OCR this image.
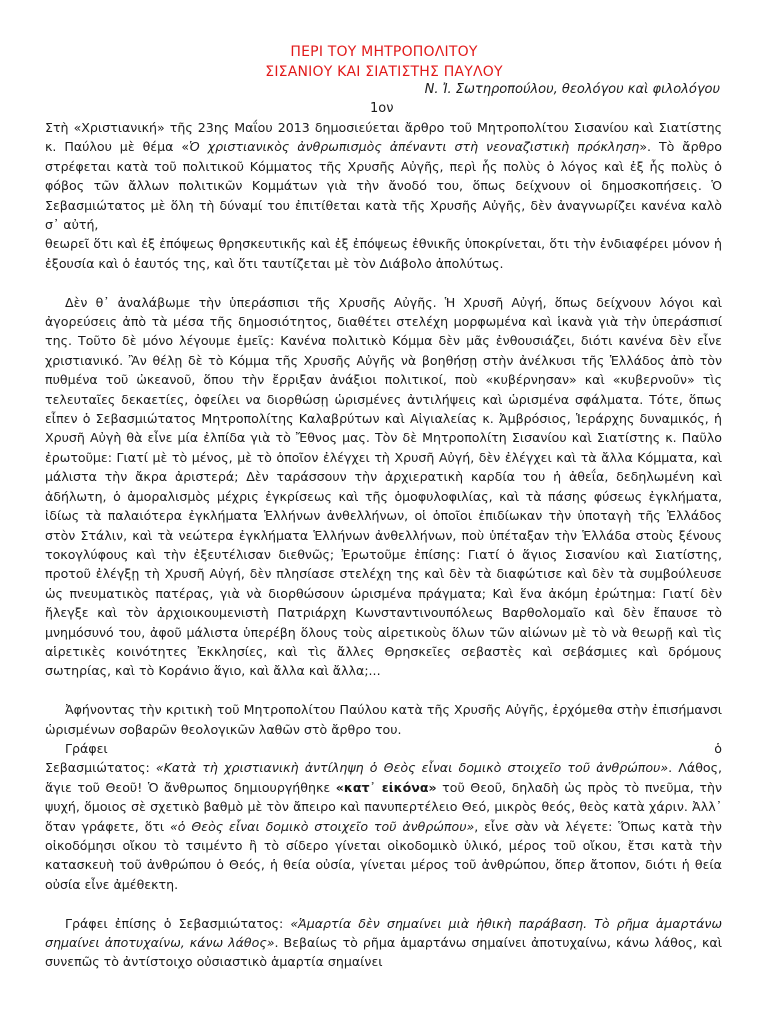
ΠΕΡΙ ΤΟΥ ΜΗΤΡΟΠΟΛΙΤΟΥ
ΣΙΣΑΝΙΟΥ ΚΑΙ ΣΙΑΤΙΣΤΗΣ ΠΑΥΛΟΥ
Ν. Ἰ. Σωτηροπούλου, θεολόγου καὶ φιλολόγου
1ον

Στὴ «Χριστιανική» τῆς 23ης Μαΐου 2013 δημοσιεύεται ἄρθρο τοῦ Μητροπολίτου Σισανίου καὶ Σιατίστης κ. Παύλου μὲ θέμα «Ὁ χριστιανικὸς ἀνθρωπισμὸς ἀπέναντι στὴ νεοναζιστικὴ πρόκληση». Τὸ ἄρθρο στρέφεται κατὰ τοῦ πολιτικοῦ Κόμματος τῆς Χρυσῆς Αὐγῆς, περὶ ἧς πολὺς ὁ λόγος καὶ ἐξ ἧς πολὺς ὁ φόβος τῶν ἄλλων πολιτικῶν Κομμάτων γιὰ τὴν ἄνοδό του, ὅπως δείχνουν οἱ δημοσκοπήσεις. Ὁ Σεβασμιώτατος μὲ ὅλη τὴ δύναμί του ἐπιτίθεται κατὰ τῆς Χρυσῆς Αὐγῆς, δὲν ἀναγνωρίζει κανένα καλὸ σ᾽ αὐτή,

θεωρεῖ ὅτι καὶ ἐξ ἐπόψεως θρησκευτικῆς καὶ ἐξ ἐπόψεως ἐθνικῆς ὑποκρίνεται, ὅτι τὴν ἐνδιαφέρει μόνον ἡ ἐξουσία καὶ ὁ ἑαυτός της, καὶ ὅτι ταυτίζεται μὲ τὸν Διάβολο ἀπολύτως.

Δὲν θ᾽ ἀναλάβωμε τὴν ὑπεράσπισι τῆς Χρυσῆς Αὐγῆς. Ἡ Χρυσῆ Αὐγή, ὅπως δείχνουν λόγοι καὶ ἀγορεύσεις ἀπὸ τὰ μέσα τῆς δημοσιότητος, διαθέτει στελέχη μορφωμένα καὶ ἱκανὰ γιὰ τὴν ὑπεράσπισί της. Τοῦτο δὲ μόνο λέγουμε ἐμεῖς: Κανένα πολιτικὸ Κόμμα δὲν μᾶς ἐνθουσιάζει, διότι κανένα δὲν εἶνε χριστιανικό. Ἂν θέλῃ δὲ τὸ Κόμμα τῆς Χρυσῆς Αὐγῆς νὰ βοηθήσῃ στὴν ἀνέλκυσι τῆς Ἑλλάδος ἀπὸ τὸν πυθμένα τοῦ ὠκεανοῦ, ὅπου τὴν ἔρριξαν ἀνάξιοι πολιτικοί, ποὺ «κυβέρνησαν» καὶ «κυβερνοῦν» τὶς τελευταῖες δεκαετίες, ὀφείλει να διορθώσῃ ὡρισμένες ἀντιλήψεις καὶ ὡρισμένα σφάλματα. Τότε, ὅπως εἶπεν ὁ Σεβασμιώτατος Μητροπολίτης Καλαβρύτων καὶ Αἰγιαλείας κ. Ἀμβρόσιος, Ἱεράρχης δυναμικός, ἡ Χρυσῆ Αὐγὴ θὰ εἶνε μία ἐλπίδα γιὰ τὸ Ἔθνος μας. Τὸν δὲ Μητροπολίτη Σισανίου καὶ Σιατίστης κ. Παῦλο ἐρωτοῦμε: Γιατί μὲ τὸ μένος, μὲ τὸ ὁποῖον ἐλέγχει τὴ Χρυσῆ Αὐγή, δὲν ἐλέγχει καὶ τὰ ἄλλα Κόμματα, καὶ μάλιστα τὴν ἄκρα ἀριστερά; Δὲν ταράσσουν τὴν ἀρχιερατικὴ καρδία του ἡ ἀθεΐα, δεδηλωμένη καὶ ἀδήλωτη, ὁ ἀμοραλισμὸς μέχρις ἐγκρίσεως καὶ τῆς ὁμοφυλοφιλίας, καὶ τὰ πάσης φύσεως ἐγκλήματα, ἰδίως τὰ παλαιότερα ἐγκλήματα Ἑλλήνων ἀνθελλήνων, οἱ ὁποῖοι ἐπιδίωκαν τὴν ὑποταγὴ τῆς Ἑλλάδος στὸν Στάλιν, καὶ τὰ νεώτερα ἐγκλήματα Ἑλλήνων ἀνθελλήνων, ποὺ ὑπέταξαν τὴν Ἑλλάδα στοὺς ξένους τοκογλύφους καὶ τὴν ἐξευτέλισαν διεθνῶς; Ἐρωτοῦμε ἐπίσης: Γιατί ὁ ἅγιος Σισανίου καὶ Σιατίστης, προτοῦ ἐλέγξῃ τὴ Χρυσῆ Αὐγή, δὲν πλησίασε στελέχη της καὶ δὲν τὰ διαφώτισε καὶ δὲν τὰ συμβούλευσε ὡς πνευματικὸς πατέρας, γιὰ νὰ διορθώσουν ὡρισμένα πράγματα; Καὶ ἕνα ἀκόμη ἐρώτημα: Γιατί δὲν ἤλεγξε καὶ τὸν ἀρχιοικουμενιστὴ Πατριάρχη Κωνσταντινουπόλεως Βαρθολομαῖο καὶ δὲν ἔπαυσε τὸ μνημόσυνό του, ἀφοῦ μάλιστα ὑπερέβη ὅλους τοὺς αἱρετικοὺς ὅλων τῶν αἰώνων μὲ τὸ νὰ θεωρῇ καὶ τὶς αἱρετικὲς κοινότητες Ἐκκλησίες, καὶ τὶς ἄλλες Θρησκεῖες σεβαστὲς καὶ σεβάσμιες καὶ δρόμους σωτηρίας, καὶ τὸ Κοράνιο ἅγιο, καὶ ἄλλα καὶ ἄλλα;...

Ἀφήνοντας τὴν κριτικὴ τοῦ Μητροπολίτου Παύλου κατὰ τῆς Χρυσῆς Αὐγῆς, ἐρχόμεθα στὴν ἐπισήμανσι ὡρισμένων σοβαρῶν θεολογικῶν λαθῶν στὸ ἄρθρο του.

Γράφει	ὁ

Σεβασμιώτατος: «Κατὰ τὴ χριστιανικὴ ἀντίληψη ὁ Θεὸς εἶναι δομικὸ στοιχεῖο τοῦ ἀνθρώπου». Λάθος, ἅγιε τοῦ Θεοῦ! Ὁ ἄνθρωπος δημιουργήθηκε «κατ᾽ εἰκόνα» τοῦ Θεοῦ, δηλαδὴ ὡς πρὸς τὸ πνεῦμα, τὴν ψυχή, ὅμοιος σὲ σχετικὸ βαθμὸ μὲ τὸν ἄπειρο καὶ πανυπερτέλειο Θεό, μικρὸς θεός, θεὸς κατὰ χάριν. Ἀλλ᾽ ὅταν γράφετε, ὅτι «ὁ Θεὸς εἶναι δομικὸ στοιχεῖο τοῦ ἀνθρώπου», εἶνε σὰν νὰ λέγετε: Ὅπως κατὰ τὴν οἰκοδόμησι οἴκου τὸ τσιμέντο ἢ τὸ σίδερο γίνεται οἰκοδομικὸ ὑλικό, μέρος τοῦ οἴκου, ἔτσι κατὰ τὴν κατασκευὴ τοῦ ἀνθρώπου ὁ Θεός, ἡ θεία οὐσία, γίνεται μέρος τοῦ ἀνθρώπου, ὅπερ ἄτοπον, διότι ἡ θεία οὐσία εἶνε ἀμέθεκτη.

Γράφει ἐπίσης ὁ Σεβασμιώτατος: «Ἁμαρτία δὲν σημαίνει μιὰ ἠθικὴ παράβαση. Τὸ ρῆμα ἁμαρτάνω σημαίνει ἀποτυχαίνω, κάνω λάθος». Βεβαίως τὸ ρῆμα ἁμαρτάνω σημαίνει ἀποτυχαίνω, κάνω λάθος, καὶ συνεπῶς τὸ ἀντίστοιχο οὐσιαστικὸ ἁμαρτία σημαίνει
